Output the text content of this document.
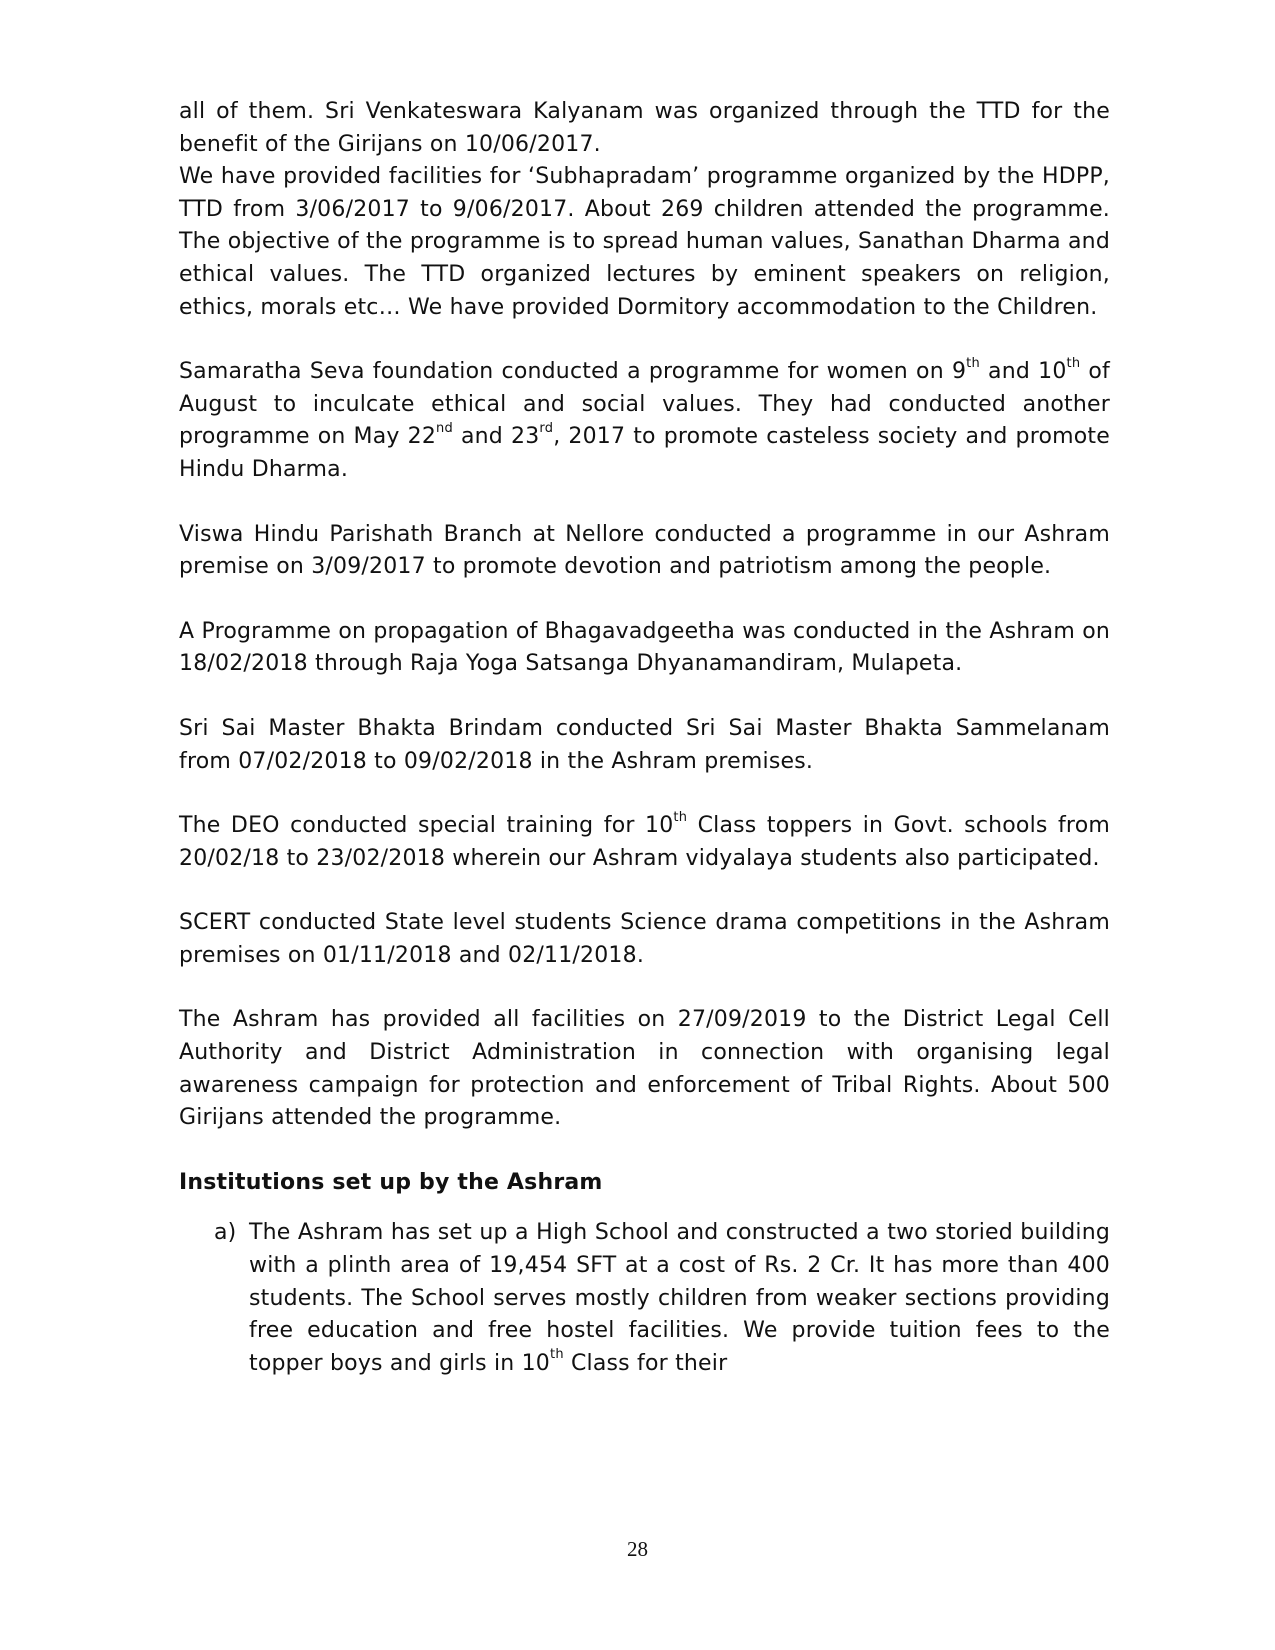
all of them. Sri Venkateswara Kalyanam was organized through the TTD for the benefit of the Girijans on 10/06/2017.

We have provided facilities for ‘Subhapradam’ programme organized by the HDPP, TTD from 3/06/2017 to 9/06/2017. About 269 children attended the programme. The objective of the programme is to spread human values, Sanathan Dharma and ethical values. The TTD organized lectures by eminent speakers on religion, ethics, morals etc… We have provided Dormitory accommodation to the Children.

Samaratha Seva foundation conducted a programme for women on 9th and 10th of August to inculcate ethical and social values. They had conducted another programme on May 22nd and 23rd, 2017 to promote casteless society and promote Hindu Dharma.

Viswa Hindu Parishath Branch at Nellore conducted a programme in our Ashram premise on 3/09/2017 to promote devotion and patriotism among the people.

A Programme on propagation of Bhagavadgeetha was conducted in the Ashram on 18/02/2018 through Raja Yoga Satsanga Dhyanamandiram, Mulapeta.

Sri Sai Master Bhakta Brindam conducted Sri Sai Master Bhakta Sammelanam from 07/02/2018 to 09/02/2018 in the Ashram premises.

The DEO conducted special training for 10th Class toppers in Govt. schools from 20/02/18 to 23/02/2018 wherein our Ashram vidyalaya students also participated.

SCERT conducted State level students Science drama competitions in the Ashram premises on 01/11/2018 and 02/11/2018.

The Ashram has provided all facilities on 27/09/2019 to the District Legal Cell Authority and District Administration in connection with organising legal awareness campaign for protection and enforcement of Tribal Rights. About 500 Girijans attended the programme.

Institutions set up by the Ashram

a) The Ashram has set up a High School and constructed a two storied building with a plinth area of 19,454 SFT at a cost of Rs. 2 Cr. It has more than 400 students. The School serves mostly children from weaker sections providing free education and free hostel facilities. We provide tuition fees to the topper boys and girls in 10th Class for their

28
